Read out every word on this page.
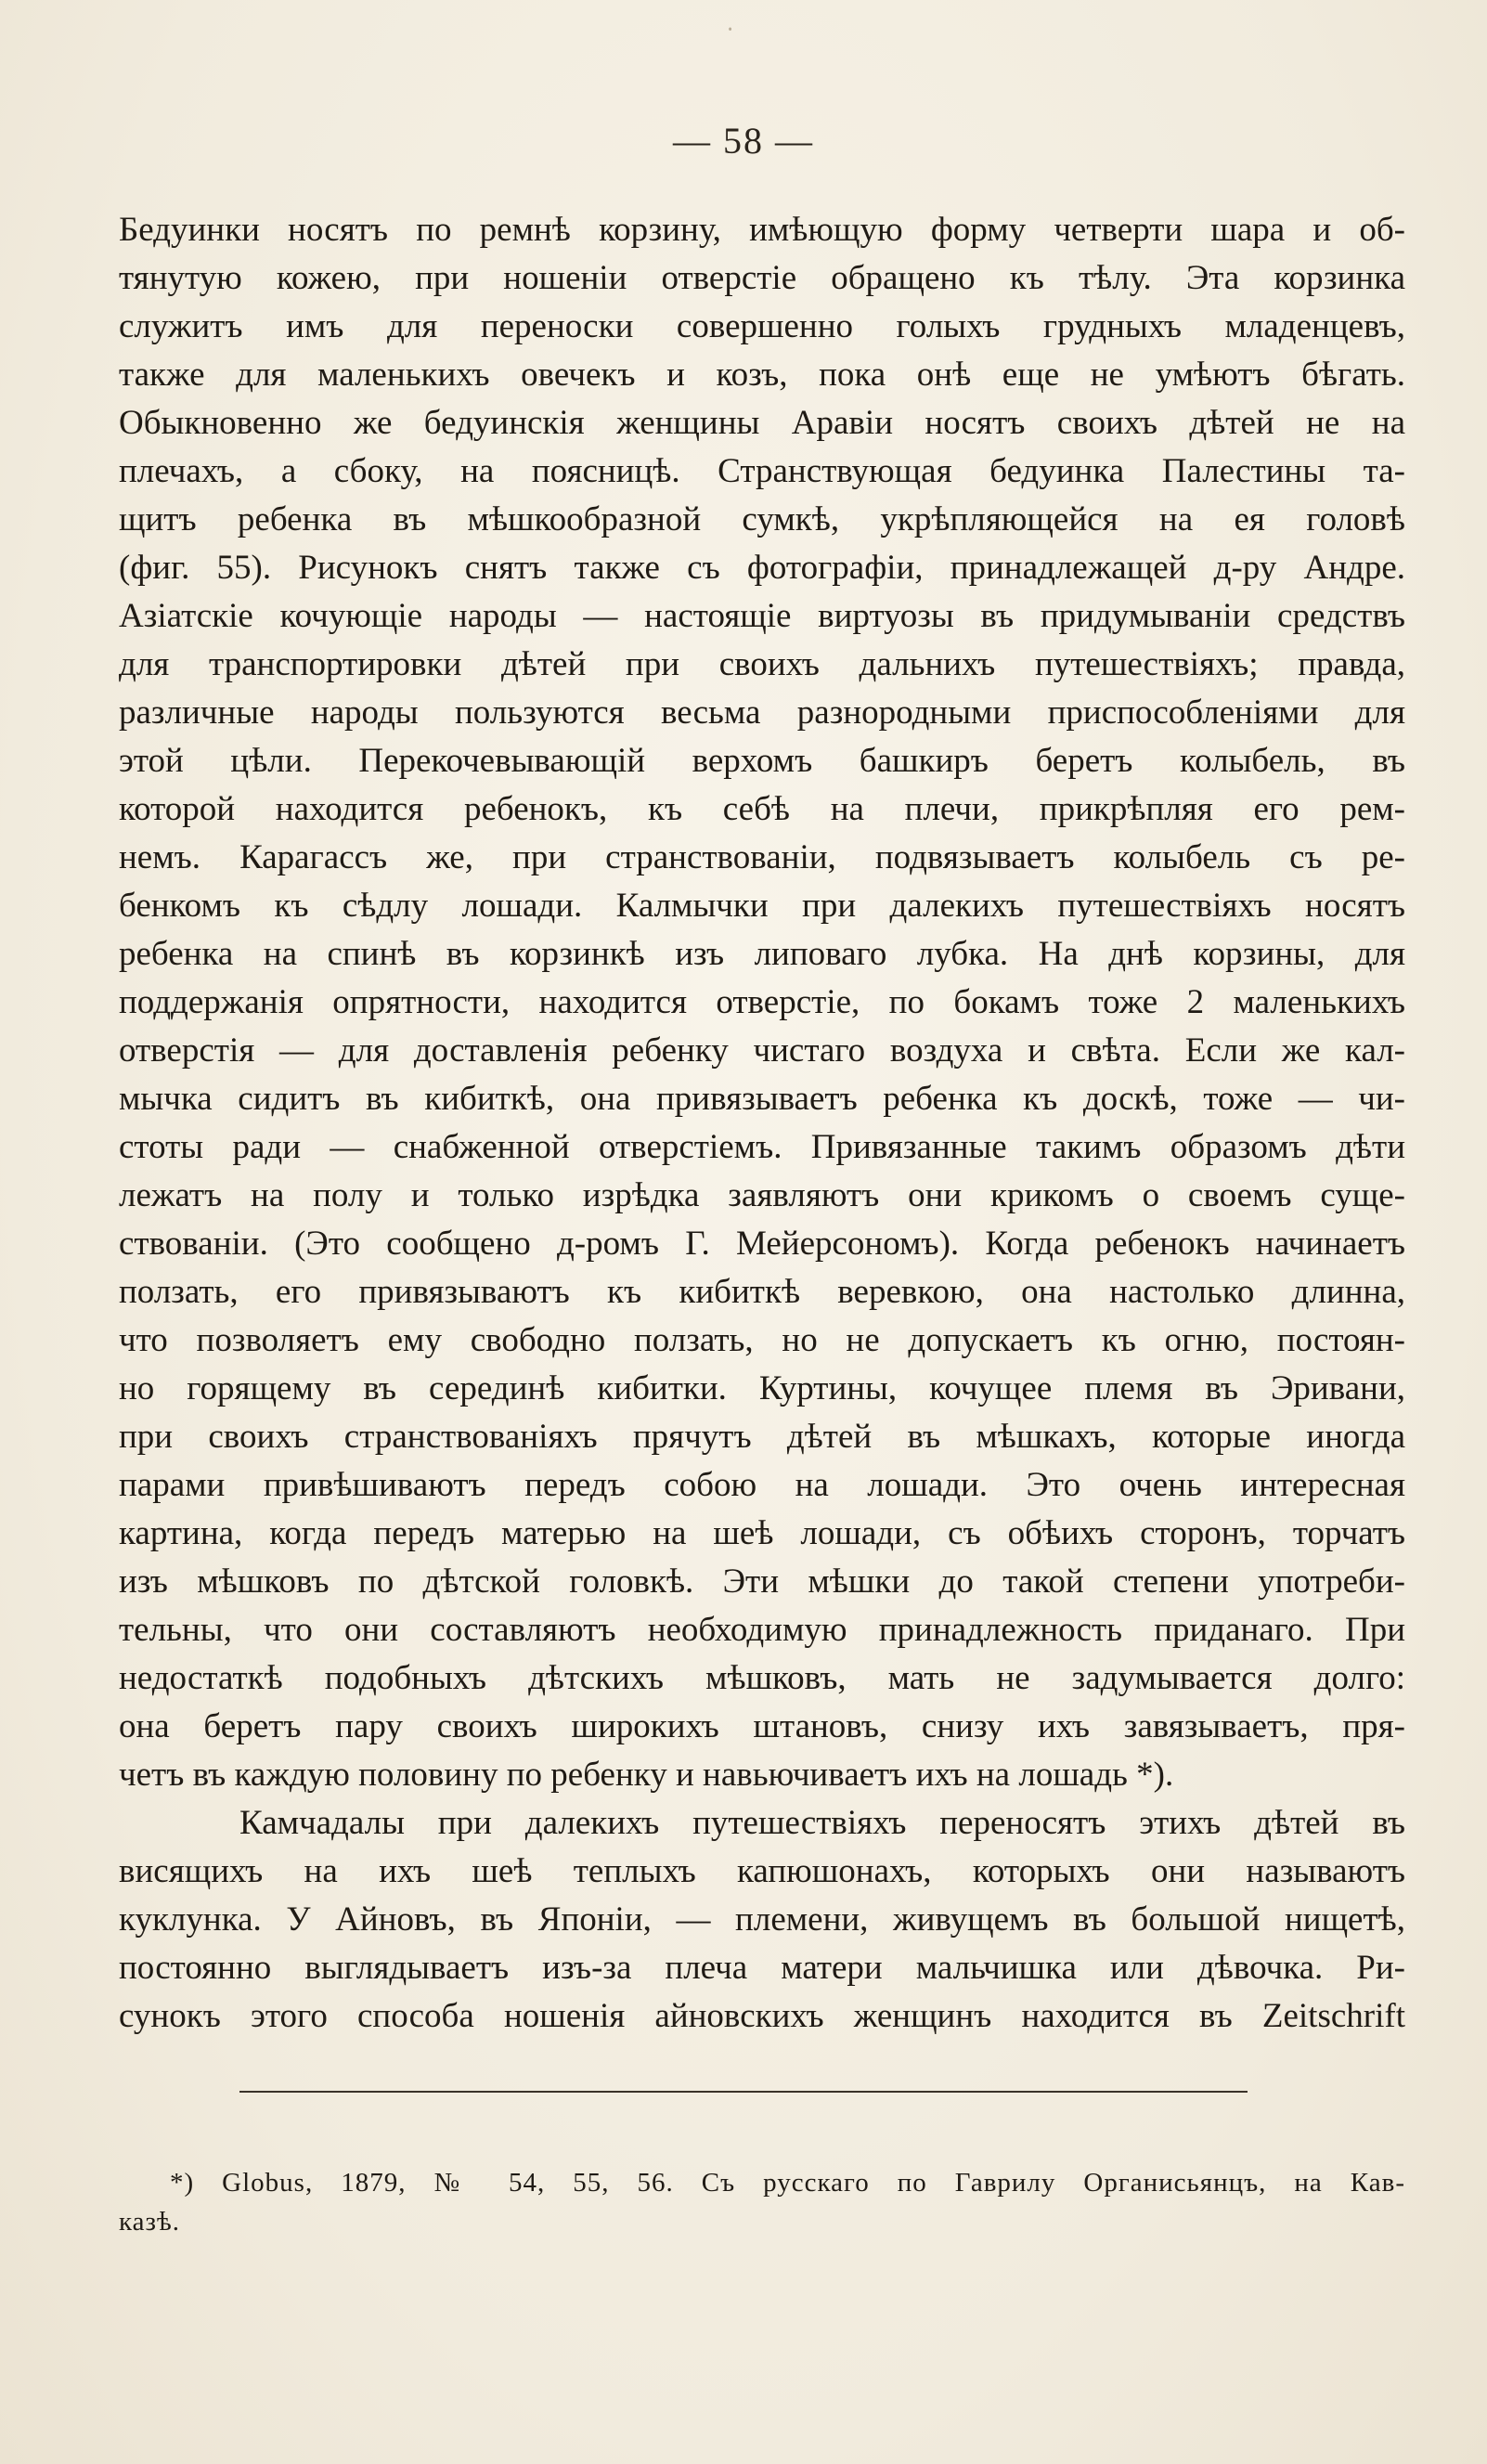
᛫
— 58 —
Бедуинки носятъ по ремнѣ корзину, имѣющую форму четверти шара и об-
тянутую кожею, при ношеніи отверстіе обращено къ тѣлу. Эта корзинка
служитъ имъ для переноски совершенно голыхъ грудныхъ младенцевъ,
также для маленькихъ овечекъ и козъ, пока онѣ еще не умѣютъ бѣгать.
Обыкновенно же бедуинскія женщины Аравіи носятъ своихъ дѣтей не на
плечахъ, а сбоку, на поясницѣ. Странствующая бедуинка Палестины та-
щитъ ребенка въ мѣшкообразной сумкѣ, укрѣпляющейся на ея головѣ
(фиг. 55). Рисунокъ снятъ также съ фотографіи, принадлежащей д-ру Андре.
Азіатскіе кочующіе народы — настоящіе виртуозы въ придумываніи средствъ
для транспортировки дѣтей при своихъ дальнихъ путешествіяхъ; правда,
различные народы пользуются весьма разнородными приспособленіями для
этой цѣли. Перекочевывающій верхомъ башкиръ беретъ колыбель, въ
которой находится ребенокъ, къ себѣ на плечи, прикрѣпляя его рем-
немъ. Карагассъ же, при странствованіи, подвязываетъ колыбель съ ре-
бенкомъ къ сѣдлу лошади. Калмычки при далекихъ путешествіяхъ носятъ
ребенка на спинѣ въ корзинкѣ изъ липоваго лубка. На днѣ корзины, для
поддержанія опрятности, находится отверстіе, по бокамъ тоже 2 маленькихъ
отверстія — для доставленія ребенку чистаго воздуха и свѣта. Если же кал-
мычка сидитъ въ кибиткѣ, она привязываетъ ребенка къ доскѣ, тоже — чи-
стоты ради — снабженной отверстіемъ. Привязанные такимъ образомъ дѣти
лежатъ на полу и только изрѣдка заявляютъ они крикомъ о своемъ суще-
ствованіи. (Это сообщено д-ромъ Г. Мейерсономъ). Когда ребенокъ начинаетъ
ползать, его привязываютъ къ кибиткѣ веревкою, она настолько длинна,
что позволяетъ ему свободно ползать, но не допускаетъ къ огню, постоян-
но горящему въ серединѣ кибитки. Куртины, кочущее племя въ Эривани,
при своихъ странствованіяхъ прячутъ дѣтей въ мѣшкахъ, которые иногда
парами привѣшиваютъ передъ собою на лошади. Это очень интересная
картина, когда передъ матерью на шеѣ лошади, съ обѣихъ сторонъ, торчатъ
изъ мѣшковъ по дѣтской головкѣ. Эти мѣшки до такой степени употреби-
тельны, что они составляютъ необходимую принадлежность приданаго. При
недостаткѣ подобныхъ дѣтскихъ мѣшковъ, мать не задумывается долго:
она беретъ пару своихъ широкихъ штановъ, снизу ихъ завязываетъ, пря-
четъ въ каждую половину по ребенку и навьючиваетъ ихъ на лошадь *).
Камчадалы при далекихъ путешествіяхъ переносятъ этихъ дѣтей въ
висящихъ на ихъ шеѣ теплыхъ капюшонахъ, которыхъ они называютъ
куклунка. У Айновъ, въ Японіи, — племени, живущемъ въ большой нищетѣ,
постоянно выглядываетъ изъ-за плеча матери мальчишка или дѣвочка. Ри-
сунокъ этого способа ношенія айновскихъ женщинъ находится въ Zeitschrift
*) Globus, 1879, № 54, 55, 56. Съ русскаго по Гаврилу Органисьянцъ, на Кав-
казѣ.
